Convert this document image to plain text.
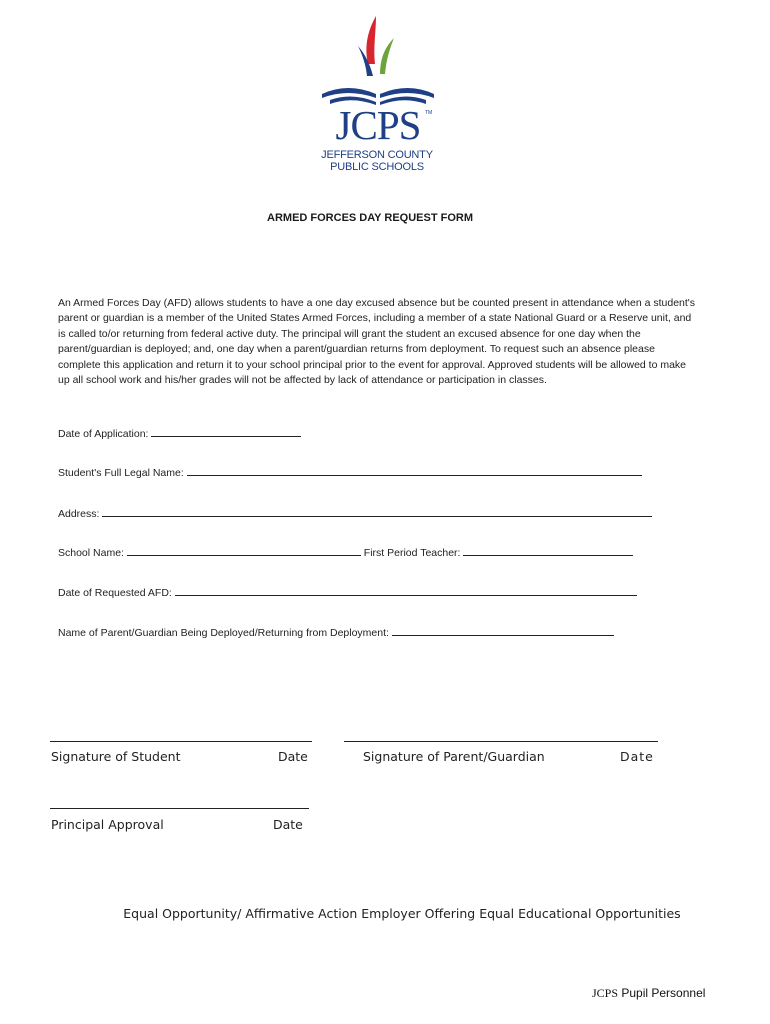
JCPS TM
JEFFERSON COUNTY
PUBLIC SCHOOLS
ARMED FORCES DAY REQUEST FORM
An Armed Forces Day (AFD) allows students to have a one day excused absence but be counted present in attendance when a student's parent or guardian is a member of the United States Armed Forces, including a member of a state National Guard or a Reserve unit, and is called to/or returning from federal active duty. The principal will grant the student an excused absence for one day when the parent/guardian is deployed; and, one day when a parent/guardian returns from deployment. To request such an absence please complete this application and return it to your school principal prior to the event for approval. Approved students will be allowed to make up all school work and his/her grades will not be affected by lack of attendance or participation in classes.
Date of Application:
Student's Full Legal Name:
Address:
School Name:	First Period Teacher:
Date of Requested AFD:
Name of Parent/Guardian Being Deployed/Returning from Deployment:
Signature of Student	Date	Signature of Parent/Guardian	Date
Principal Approval	Date
Equal Opportunity/ Affirmative Action Employer Offering Equal Educational Opportunities
JCPS Pupil Personnel
